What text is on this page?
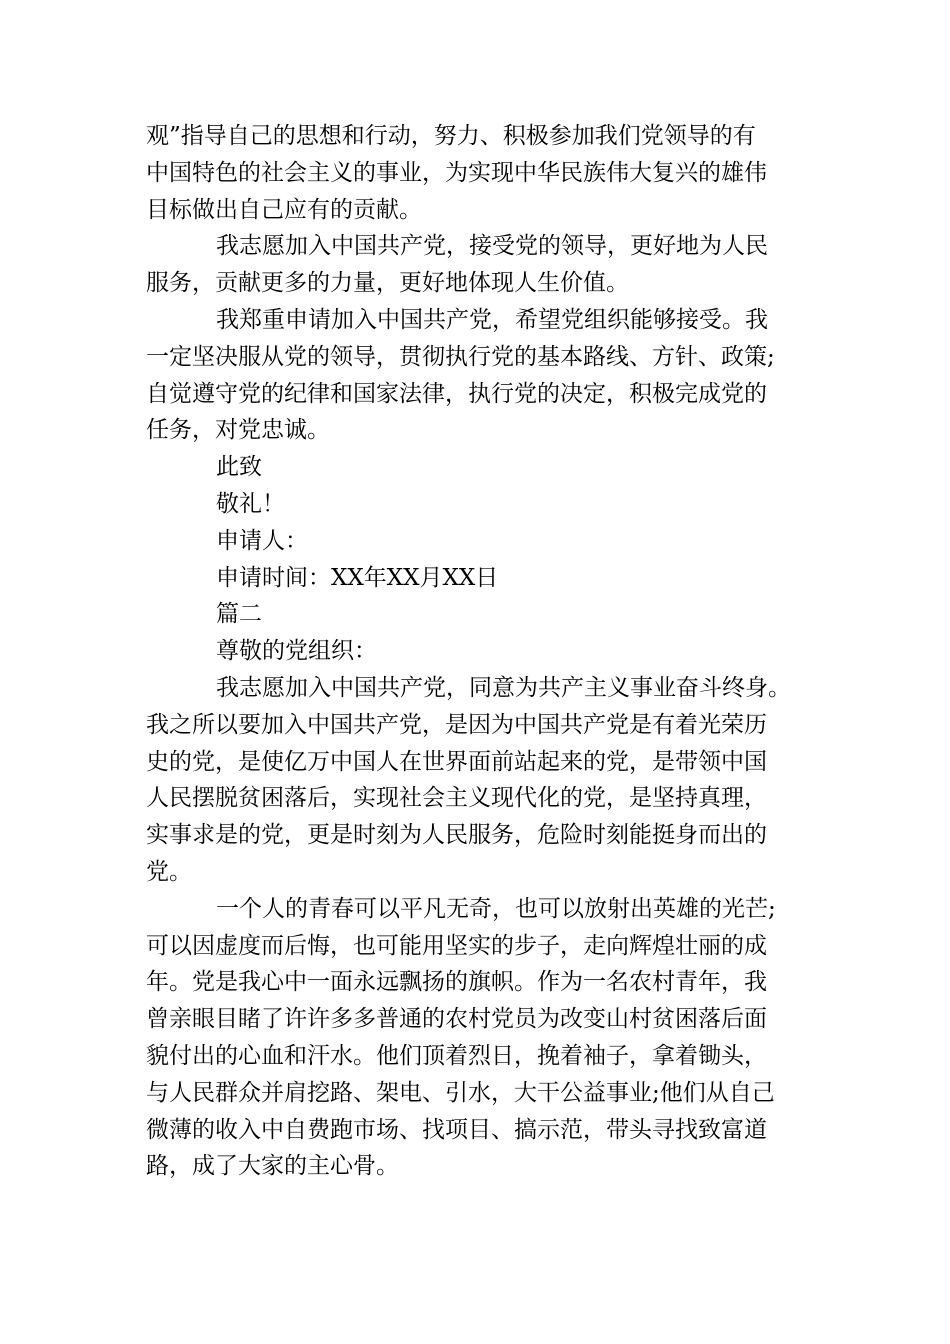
观”指导自己的思想和行动，努力、积极参加我们党领导的有
中国特色的社会主义的事业，为实现中华民族伟大复兴的雄伟
目标做出自己应有的贡献。
我志愿加入中国共产党，接受党的领导，更好地为人民
服务，贡献更多的力量，更好地体现人生价值。
我郑重申请加入中国共产党，希望党组织能够接受。我
一定坚决服从党的领导，贯彻执行党的基本路线、方针、政策;
自觉遵守党的纪律和国家法律，执行党的决定，积极完成党的
任务，对党忠诚。
此致
敬礼！
申请人：
申请时间：XX年XX月XX日
篇二
尊敬的党组织：
我志愿加入中国共产党，同意为共产主义事业奋斗终身。
我之所以要加入中国共产党，是因为中国共产党是有着光荣历
史的党，是使亿万中国人在世界面前站起来的党，是带领中国
人民摆脱贫困落后，实现社会主义现代化的党，是坚持真理，
实事求是的党，更是时刻为人民服务，危险时刻能挺身而出的
党。
一个人的青春可以平凡无奇，也可以放射出英雄的光芒;
可以因虚度而后悔，也可能用坚实的步子，走向辉煌壮丽的成
年。党是我心中一面永远飘扬的旗帜。作为一名农村青年，我
曾亲眼目睹了许许多多普通的农村党员为改变山村贫困落后面
貌付出的心血和汗水。他们顶着烈日，挽着袖子，拿着锄头，
与人民群众并肩挖路、架电、引水，大干公益事业;他们从自己
微薄的收入中自费跑市场、找项目、搞示范，带头寻找致富道
路，成了大家的主心骨。
